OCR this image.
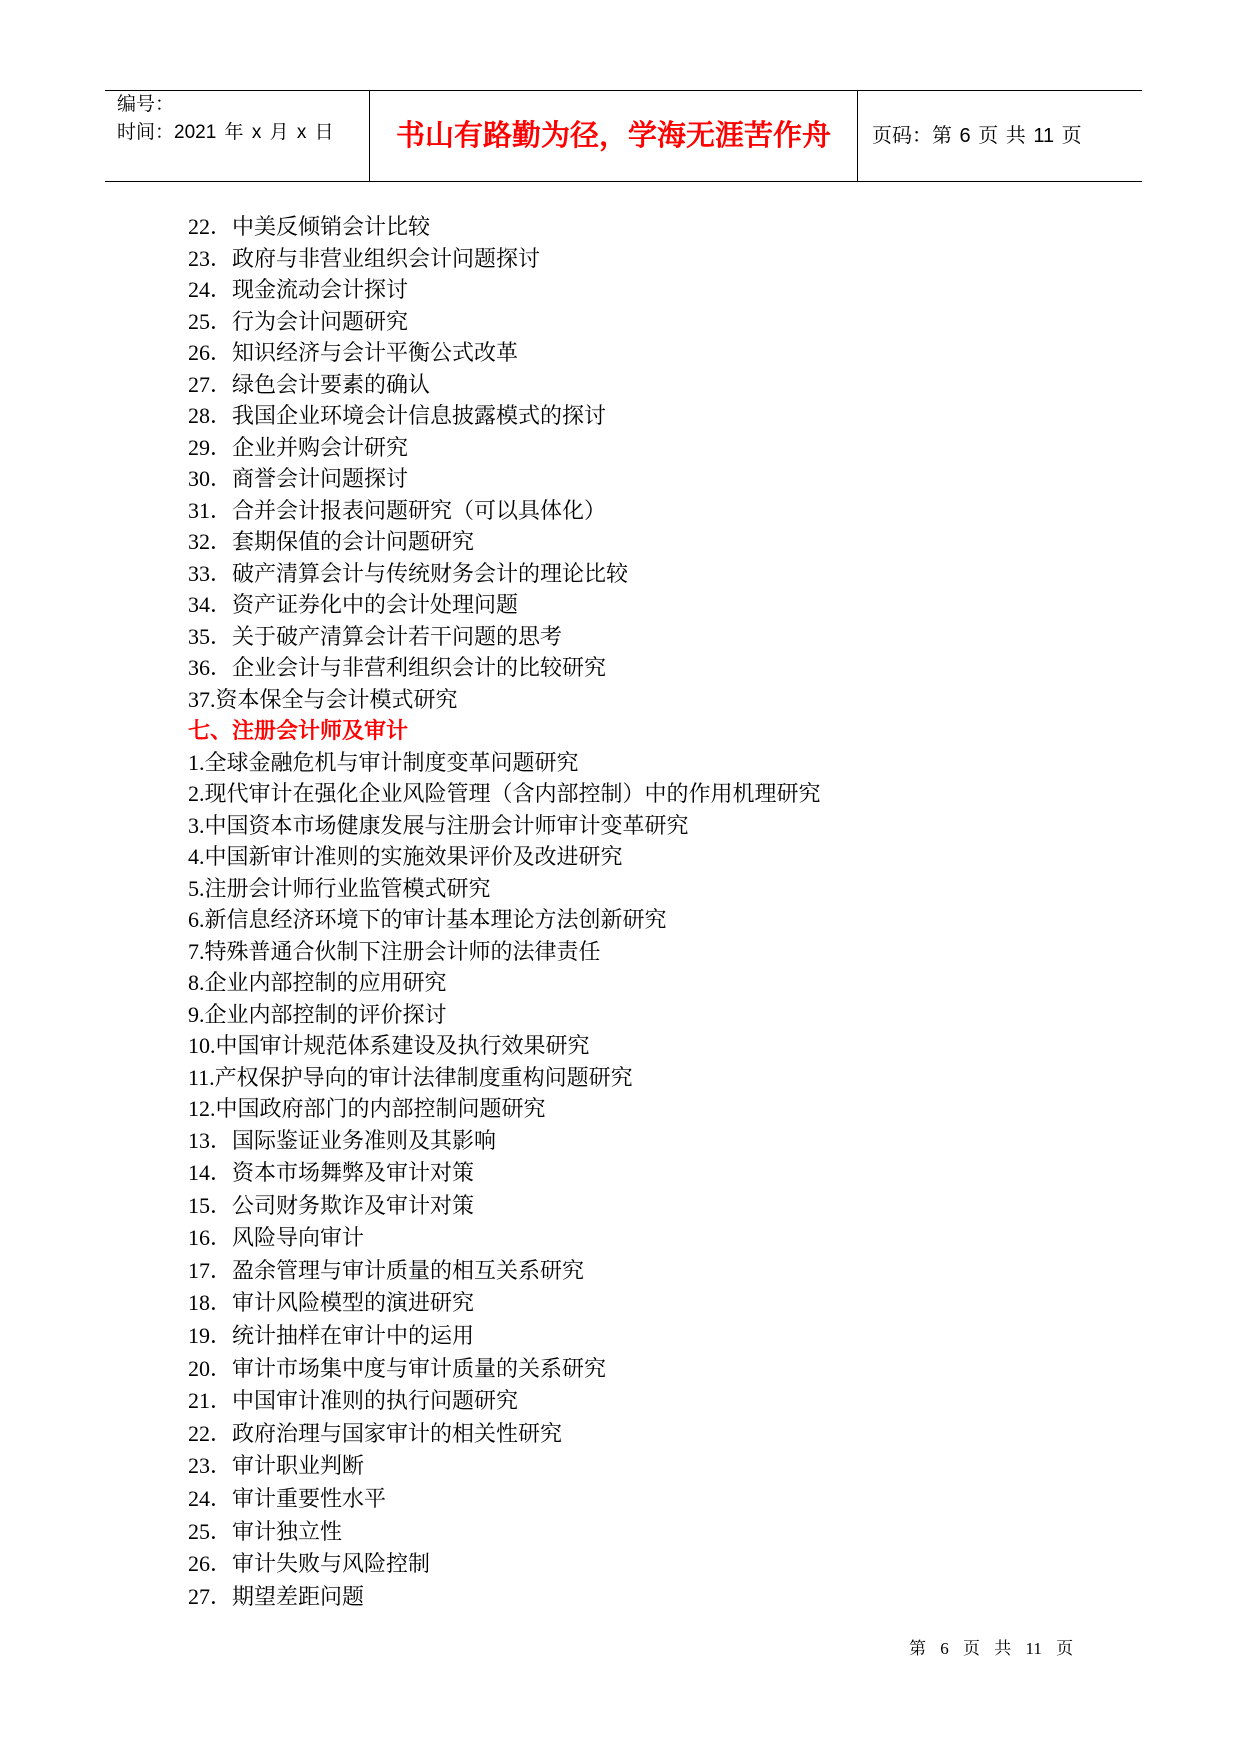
编号：
时间：2021 年 x 月 x 日 书山有路勤为径，学海无涯苦作舟 页码：第 6 页 共 11 页
22．中美反倾销会计比较
23．政府与非营业组织会计问题探讨
24．现金流动会计探讨
25．行为会计问题研究
26．知识经济与会计平衡公式改革
27．绿色会计要素的确认
28．我国企业环境会计信息披露模式的探讨
29．企业并购会计研究
30．商誉会计问题探讨
31．合并会计报表问题研究（可以具体化）
32．套期保值的会计问题研究
33．破产清算会计与传统财务会计的理论比较
34．资产证券化中的会计处理问题
35．关于破产清算会计若干问题的思考
36．企业会计与非营利组织会计的比较研究
37.资本保全与会计模式研究
七、注册会计师及审计
1.全球金融危机与审计制度变革问题研究
2.现代审计在强化企业风险管理（含内部控制）中的作用机理研究
3.中国资本市场健康发展与注册会计师审计变革研究
4.中国新审计准则的实施效果评价及改进研究
5.注册会计师行业监管模式研究
6.新信息经济环境下的审计基本理论方法创新研究
7.特殊普通合伙制下注册会计师的法律责任
8.企业内部控制的应用研究
9.企业内部控制的评价探讨
10.中国审计规范体系建设及执行效果研究
11.产权保护导向的审计法律制度重构问题研究
12.中国政府部门的内部控制问题研究
13．国际鉴证业务准则及其影响
14．资本市场舞弊及审计对策
15．公司财务欺诈及审计对策
16．风险导向审计
17．盈余管理与审计质量的相互关系研究
18．审计风险模型的演进研究
19．统计抽样在审计中的运用
20．审计市场集中度与审计质量的关系研究
21．中国审计准则的执行问题研究
22．政府治理与国家审计的相关性研究
23．审计职业判断
24．审计重要性水平
25．审计独立性
26．审计失败与风险控制
27．期望差距问题
第 6 页 共 11 页
